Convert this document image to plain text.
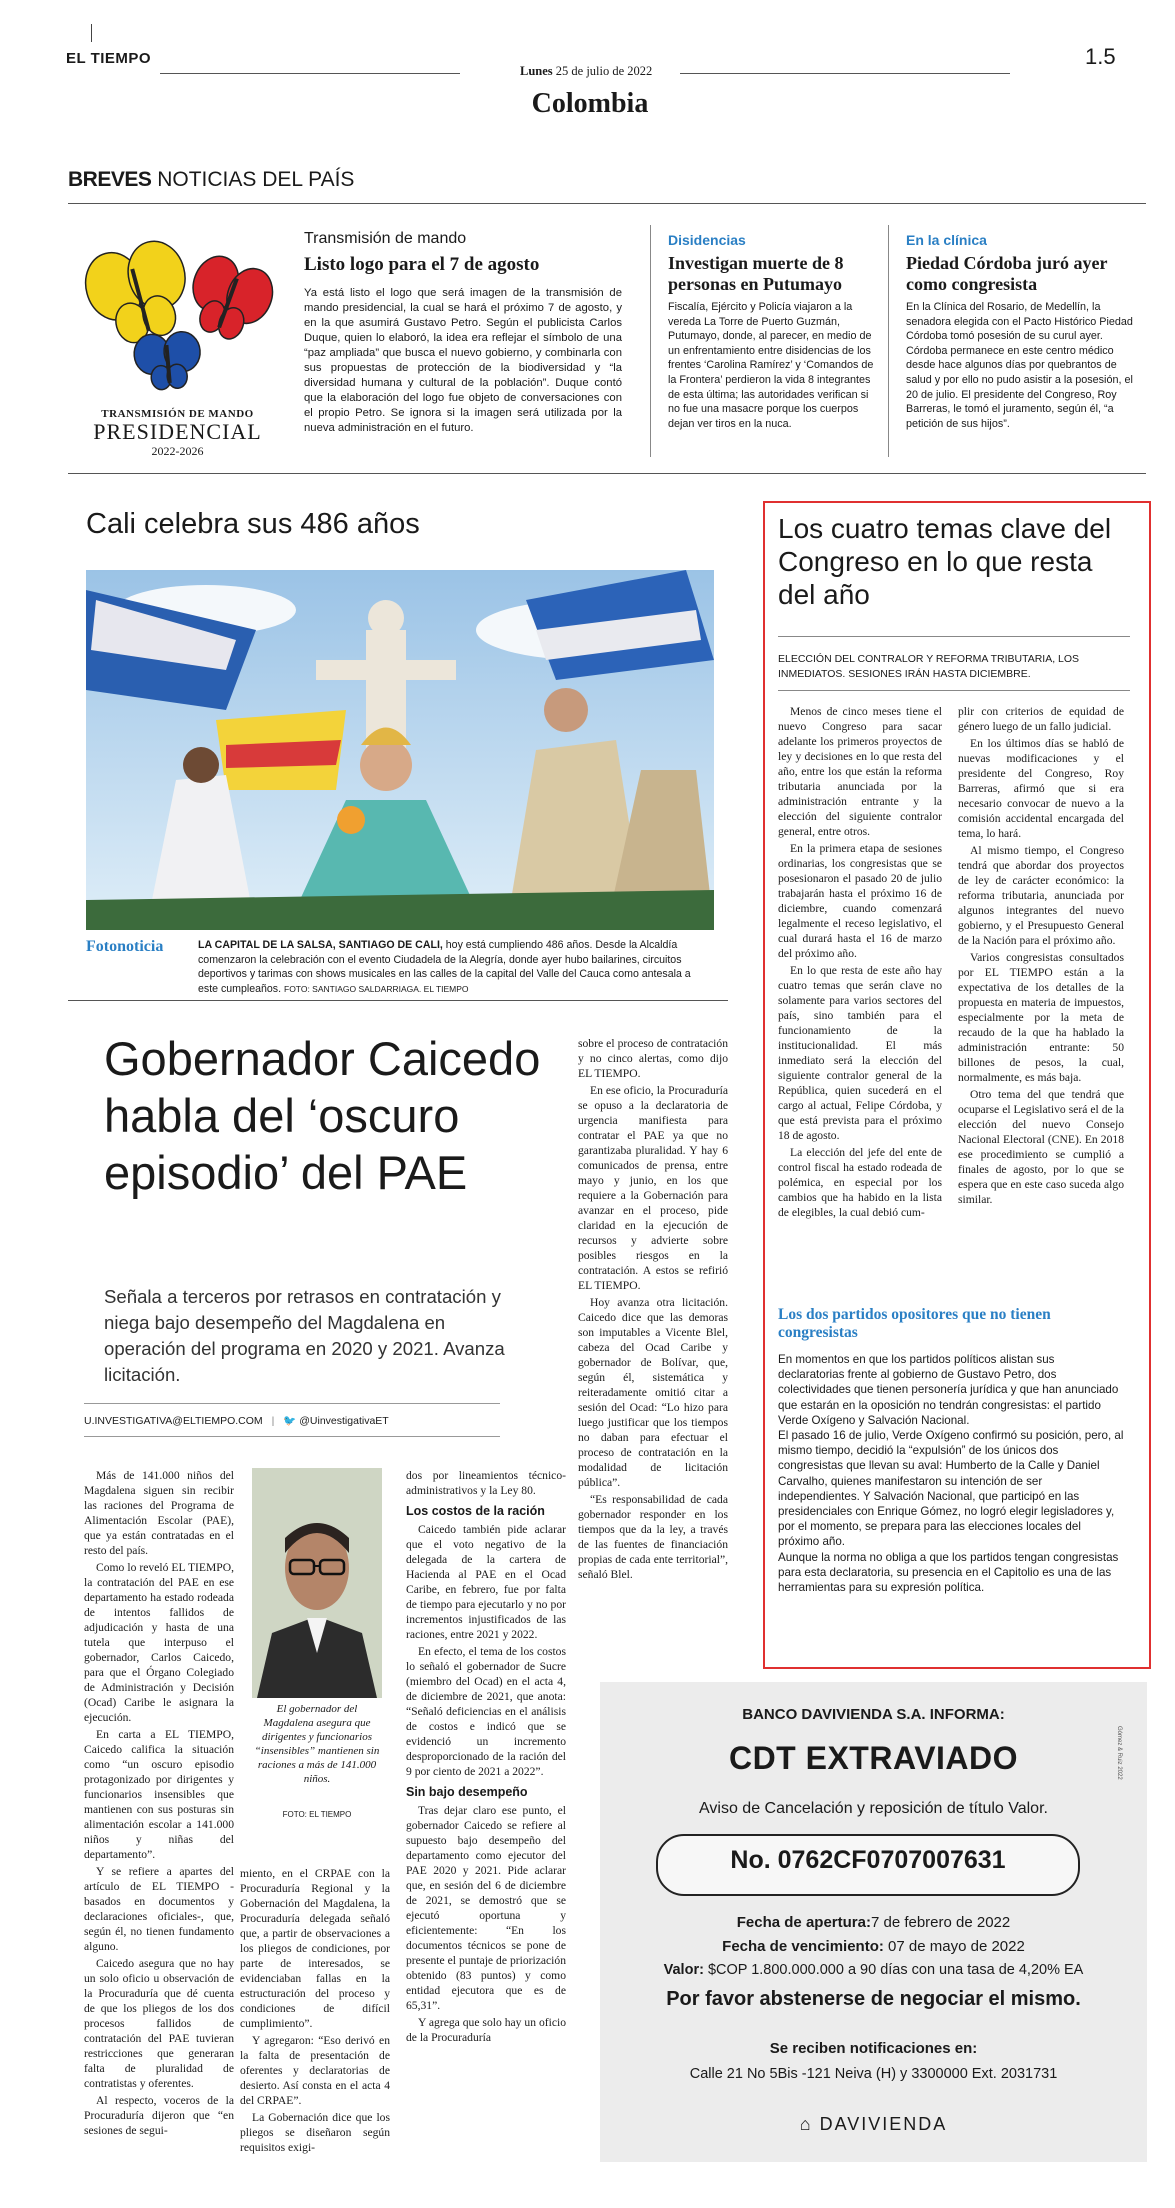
EL TIEMPO
Lunes 25 de julio de 2022
1.5
Colombia
BREVES NOTICIAS DEL PAÍS
TRANSMISIÓN DE MANDO
PRESIDENCIAL
2022-2026
Transmisión de mando
Listo logo para el 7 de agosto
Ya está listo el logo que será imagen de la transmisión de mando presidencial, la cual se hará el próximo 7 de agosto, y en la que asumirá Gustavo Petro. Según el publicista Carlos Duque, quien lo elaboró, la idea era reflejar el símbolo de una “paz ampliada” que busca el nuevo gobierno, y combinarla con sus propuestas de protección de la biodiversidad y “la diversidad humana y cultural de la población”. Duque contó que la elaboración del logo fue objeto de conversaciones con el propio Petro. Se ignora si la imagen será utilizada por la nueva administración en el futuro.
Disidencias
Investigan muerte de 8 personas en Putumayo
Fiscalía, Ejército y Policía viajaron a la vereda La Torre de Puerto Guzmán, Putumayo, donde, al parecer, en medio de un enfrentamiento entre disidencias de los frentes ‘Carolina Ramírez’ y ‘Comandos de la Frontera’ perdieron la vida 8 integrantes de esta última; las autoridades verifican si no fue una masacre porque los cuerpos dejan ver tiros en la nuca.
En la clínica
Piedad Córdoba juró ayer como congresista
En la Clínica del Rosario, de Medellín, la senadora elegida con el Pacto Histórico Piedad Córdoba tomó posesión de su curul ayer. Córdoba permanece en este centro médico desde hace algunos días por quebrantos de salud y por ello no pudo asistir a la posesión, el 20 de julio. El presidente del Congreso, Roy Barreras, le tomó el juramento, según él, “a petición de sus hijos”.
Cali celebra sus 486 años
Fotonoticia	LA CAPITAL DE LA SALSA, SANTIAGO DE CALI, hoy está cumpliendo 486 años. Desde la Alcaldía comenzaron la celebración con el evento Ciudadela de la Alegría, donde ayer hubo bailarines, circuitos deportivos y tarimas con shows musicales en las calles de la capital del Valle del Cauca como antesala a este cumpleaños. FOTO: SANTIAGO SALDARRIAGA. EL TIEMPO
Gobernador Caicedo habla del ‘oscuro episodio’ del PAE
Señala a terceros por retrasos en contratación y niega bajo desempeño del Magdalena en operación del programa en 2020 y 2021. Avanza licitación.
U.INVESTIGATIVA@ELTIEMPO.COM | 🐦 @UinvestigativaET

Más de 141.000 niños del Magdalena siguen sin recibir las raciones del Programa de Alimentación Escolar (PAE), que ya están contratadas en el resto del país.

Como lo reveló EL TIEMPO, la contratación del PAE en ese departamento ha estado rodeada de intentos fallidos de adjudicación y hasta de una tutela que interpuso el gobernador, Carlos Caicedo, para que el Órgano Colegiado de Administración y Decisión (Ocad) Caribe le asignara la ejecución.

En carta a EL TIEMPO, Caicedo califica la situación como “un oscuro episodio protagonizado por dirigentes y funcionarios insensibles que mantienen con sus posturas sin alimentación escolar a 141.000 niños y niñas del departamento”.

Y se refiere a apartes del artículo de EL TIEMPO -basados en documentos y declaraciones oficiales-, que, según él, no tienen fundamento alguno.

Caicedo asegura que no hay un solo oficio u observación de la Procuraduría que dé cuenta de que los pliegos de los dos procesos fallidos de contratación del PAE tuvieran restricciones que generaran falta de pluralidad de contratistas y oferentes.

Al respecto, voceros de la Procuraduría dijeron que “en sesiones de segui-

El gobernador del Magdalena asegura que dirigentes y funcionarios “insensibles” mantienen sin raciones a más de 141.000 niños.
FOTO: EL TIEMPO

miento, en el CRPAE con la Procuraduría Regional y la Gobernación del Magdalena, la Procuraduría delegada señaló que, a partir de observaciones a los pliegos de condiciones, por parte de interesados, se evidenciaban fallas en la estructuración del proceso y condiciones de difícil cumplimiento”.

Y agregaron: “Eso derivó en la falta de presentación de oferentes y declaratorias de desierto. Así consta en el acta 4 del CRPAE”.

La Gobernación dice que los pliegos se diseñaron según requisitos exigi-

dos por lineamientos técnico-administrativos y la Ley 80.

Los costos de la ración

Caicedo también pide aclarar que el voto negativo de la delegada de la cartera de Hacienda al PAE en el Ocad Caribe, en febrero, fue por falta de tiempo para ejecutarlo y no por incrementos injustificados de las raciones, entre 2021 y 2022.

En efecto, el tema de los costos lo señaló el gobernador de Sucre (miembro del Ocad) en el acta 4, de diciembre de 2021, que anota: “Señaló deficiencias en el análisis de costos e indicó que se evidenció un incremento desproporcionado de la ración del 9 por ciento de 2021 a 2022”.

Sin bajo desempeño

Tras dejar claro ese punto, el gobernador Caicedo se refiere al supuesto bajo desempeño del departamento como ejecutor del PAE 2020 y 2021. Pide aclarar que, en sesión del 6 de diciembre de 2021, se demostró que se ejecutó oportuna y eficientemente: “En los documentos técnicos se pone de presente el puntaje de priorización obtenido (83 puntos) y como entidad ejecutora que es de 65,31”.

Y agrega que solo hay un oficio de la Procuraduría

sobre el proceso de contratación y no cinco alertas, como dijo EL TIEMPO.

En ese oficio, la Procuraduría se opuso a la declaratoria de urgencia manifiesta para contratar el PAE ya que no garantizaba pluralidad. Y hay 6 comunicados de prensa, entre mayo y junio, en los que requiere a la Gobernación para avanzar en el proceso, pide claridad en la ejecución de recursos y advierte sobre posibles riesgos en la contratación. A estos se refirió EL TIEMPO.

Hoy avanza otra licitación. Caicedo dice que las demoras son imputables a Vicente Blel, cabeza del Ocad Caribe y gobernador de Bolívar, que, según él, sistemática y reiteradamente omitió citar a sesión del Ocad: “Lo hizo para luego justificar que los tiempos no daban para efectuar el proceso de contratación en la modalidad de licitación pública”.

“Es responsabilidad de cada gobernador responder en los tiempos que da la ley, a través de las fuentes de financiación propias de cada ente territorial”, señaló Blel.

Los cuatro temas clave del Congreso en lo que resta del año
ELECCIÓN DEL CONTRALOR Y REFORMA TRIBUTARIA, LOS INMEDIATOS. SESIONES IRÁN HASTA DICIEMBRE.

Menos de cinco meses tiene el nuevo Congreso para sacar adelante los primeros proyectos de ley y decisiones en lo que resta del año, entre los que están la reforma tributaria anunciada por la administración entrante y la elección del siguiente contralor general, entre otros.

En la primera etapa de sesiones ordinarias, los congresistas que se posesionaron el pasado 20 de julio trabajarán hasta el próximo 16 de diciembre, cuando comenzará legalmente el receso legislativo, el cual durará hasta el 16 de marzo del próximo año.

En lo que resta de este año hay cuatro temas que serán clave no solamente para varios sectores del país, sino también para el funcionamiento de la institucionalidad. El más inmediato será la elección del siguiente contralor general de la República, quien sucederá en el cargo al actual, Felipe Córdoba, y que está prevista para el próximo 18 de agosto.

La elección del jefe del ente de control fiscal ha estado rodeada de polémica, en especial por los cambios que ha habido en la lista de elegibles, la cual debió cum-

plir con criterios de equidad de género luego de un fallo judicial.

En los últimos días se habló de nuevas modificaciones y el presidente del Congreso, Roy Barreras, afirmó que si era necesario convocar de nuevo a la comisión accidental encargada del tema, lo hará.

Al mismo tiempo, el Congreso tendrá que abordar dos proyectos de ley de carácter económico: la reforma tributaria, anunciada por algunos integrantes del nuevo gobierno, y el Presupuesto General de la Nación para el próximo año.

Varios congresistas consultados por EL TIEMPO están a la expectativa de los detalles de la propuesta en materia de impuestos, especialmente por la meta de recaudo de la que ha hablado la administración entrante: 50 billones de pesos, la cual, normalmente, es más baja.

Otro tema del que tendrá que ocuparse el Legislativo será el de la elección del nuevo Consejo Nacional Electoral (CNE). En 2018 ese procedimiento se cumplió a finales de agosto, por lo que se espera que en este caso suceda algo similar.

Los dos partidos opositores que no tienen congresistas
En momentos en que los partidos políticos alistan sus declaratorias frente al gobierno de Gustavo Petro, dos colectividades que tienen personería jurídica y que han anunciado que estarán en la oposición no tendrán congresistas: el partido Verde Oxígeno y Salvación Nacional.
El pasado 16 de julio, Verde Oxígeno confirmó su posición, pero, al mismo tiempo, decidió la “expulsión” de los únicos dos congresistas que llevan su aval: Humberto de la Calle y Daniel Carvalho, quienes manifestaron su intención de ser independientes. Y Salvación Nacional, que participó en las presidenciales con Enrique Gómez, no logró elegir legisladores y, por el momento, se prepara para las elecciones locales del próximo año.
Aunque la norma no obliga a que los partidos tengan congresistas para esta declaratoria, su presencia en el Capitolio es una de las herramientas para su expresión política.
BANCO DAVIVIENDA S.A. INFORMA:
CDT EXTRAVIADO
Aviso de Cancelación y reposición de título Valor.
No. 0762CF0707007631
Fecha de apertura:7 de febrero de 2022
Fecha de vencimiento: 07 de mayo de 2022
Valor: $COP 1.800.000.000 a 90 días con una tasa de 4,20% EA
Por favor abstenerse de negociar el mismo.
Se reciben notificaciones en:
Calle 21 No 5Bis -121 Neiva (H) y 3300000 Ext. 2031731
⌂ DAVIVIENDA
Gómez & Ruiz 2022
